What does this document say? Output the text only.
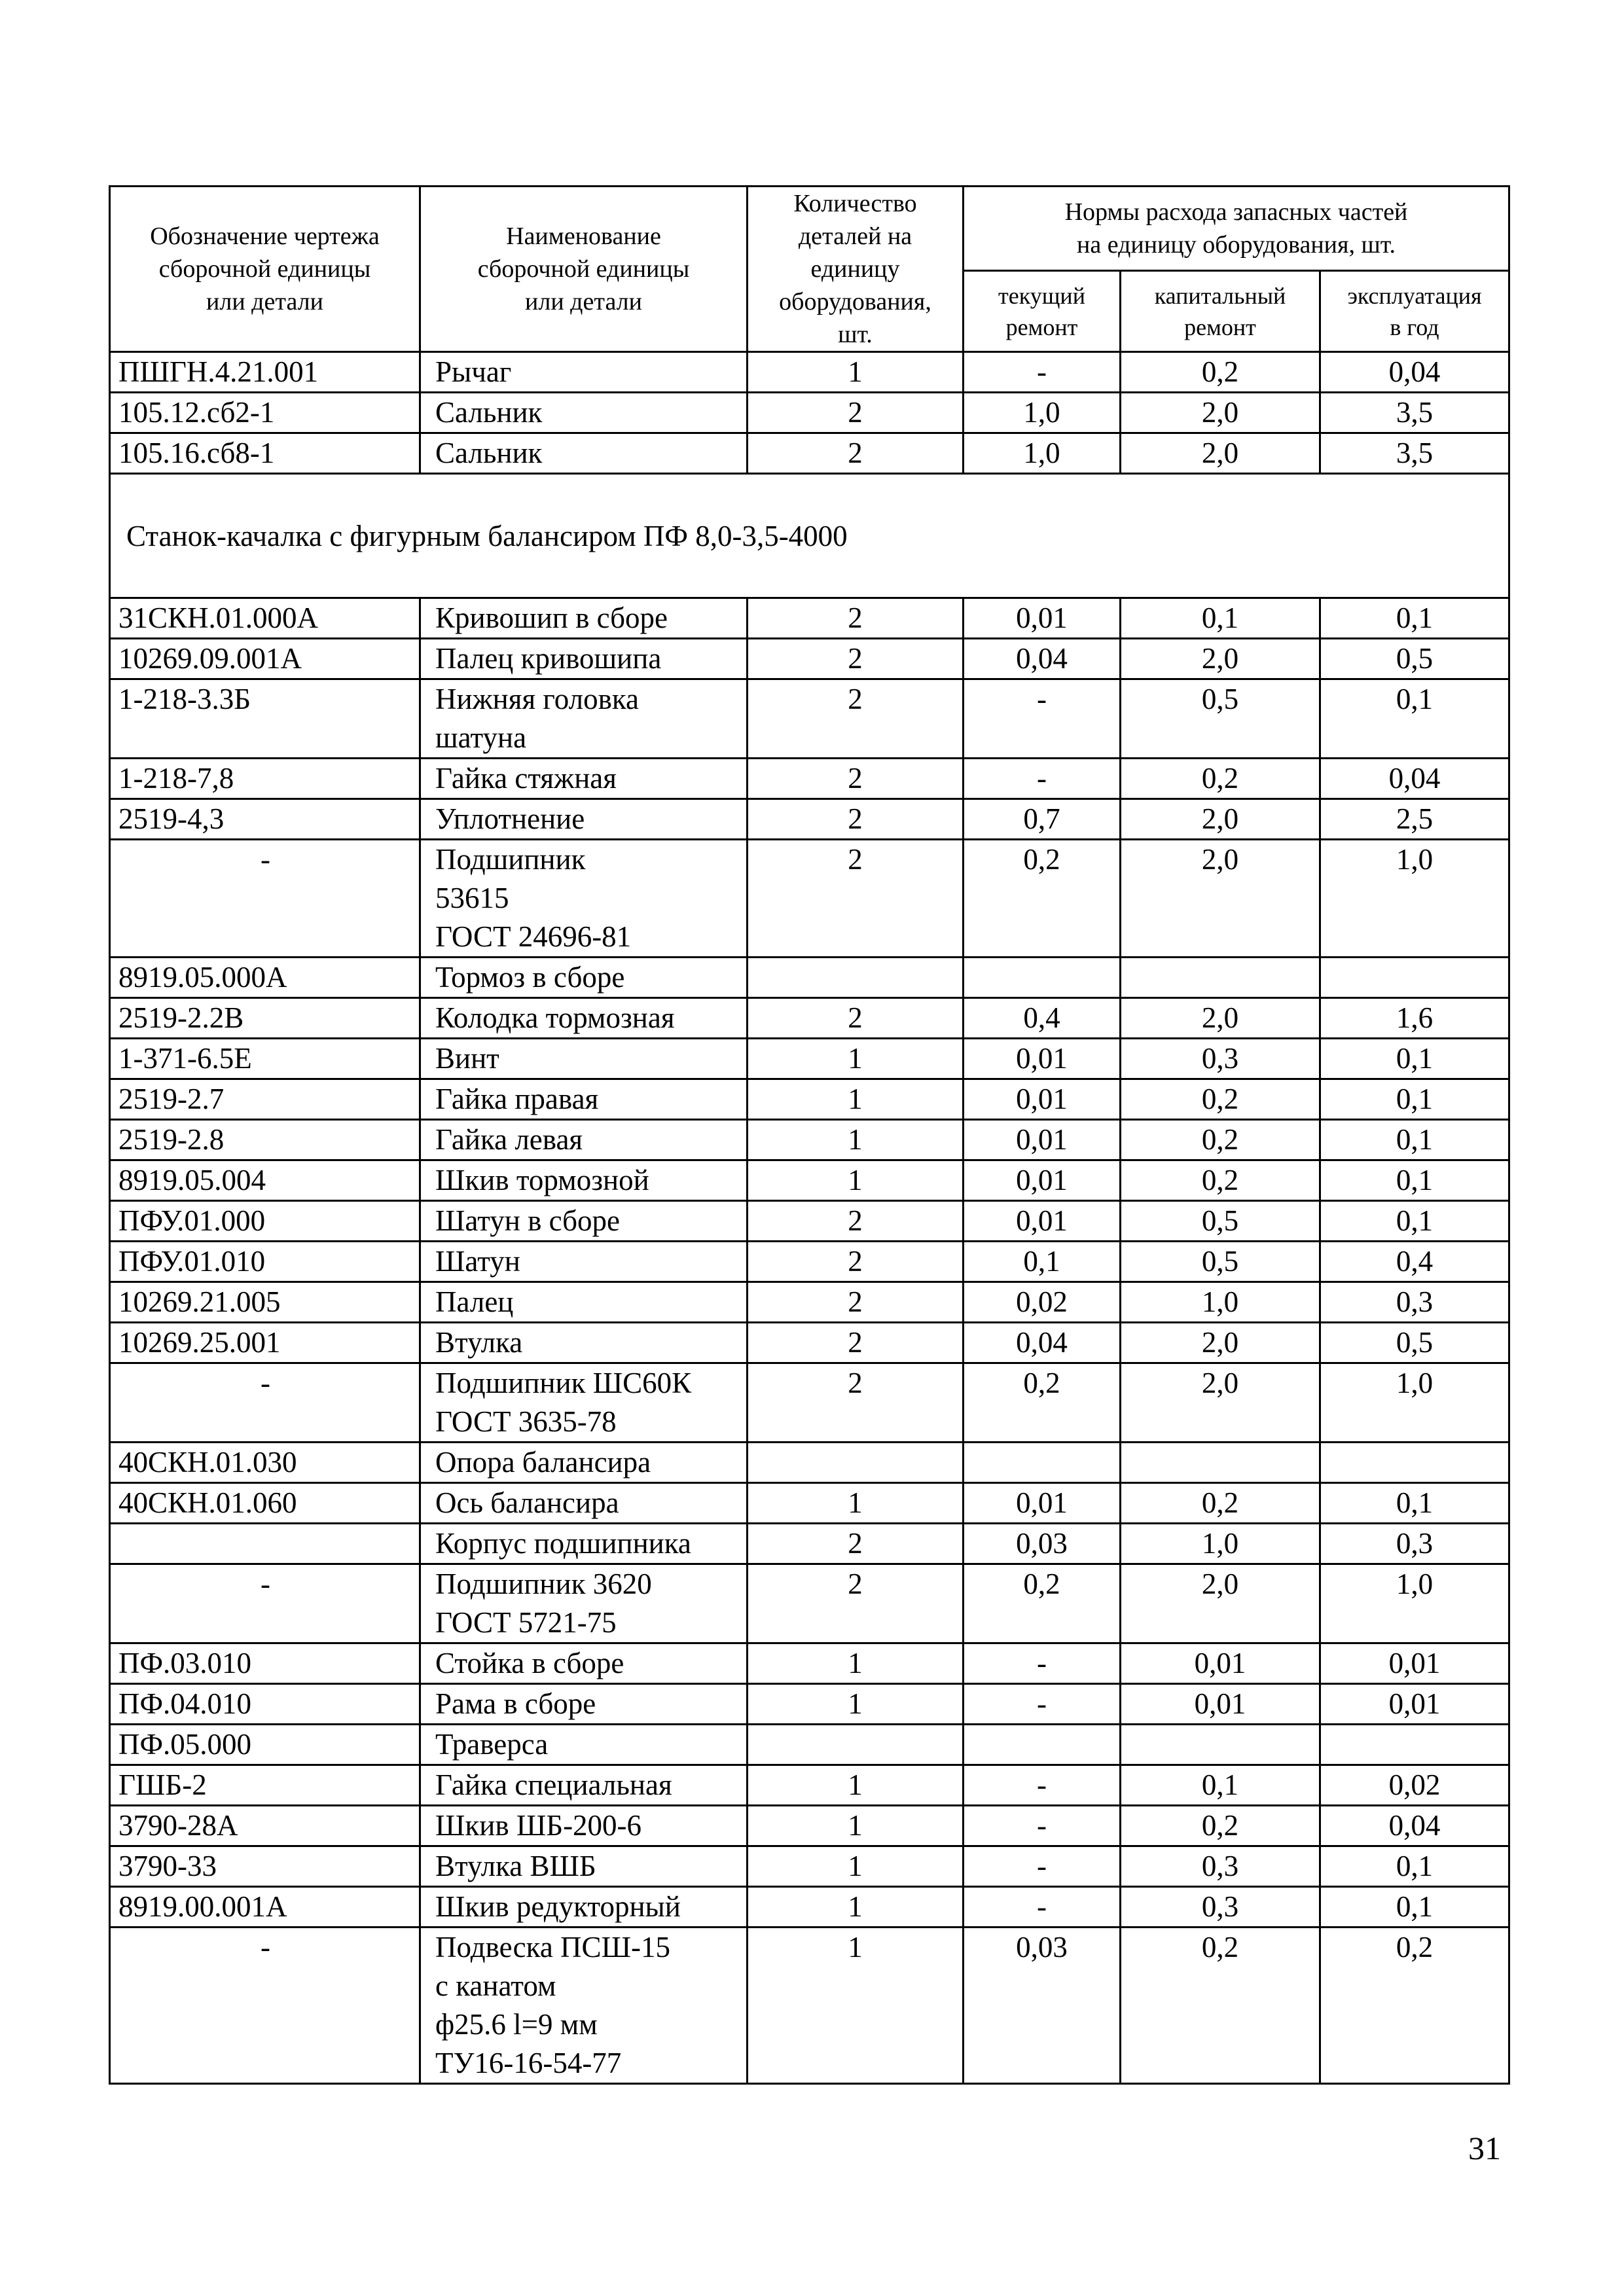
Обозначение чертежа
сборочной единицы
или детали	Наименование
сборочной единицы
или детали	Количество
деталей на
единицу
оборудования,
шт.	Нормы расхода запасных частей
на единицу оборудования, шт.		
			текущий
ремонт	капитальный
ремонт	эксплуатация
в год
ПШГН.4.21.001	Рычаг	1	-	0,2	0,04
105.12.сб2-1	Сальник	2	1,0	2,0	3,5
105.16.сб8-1	Сальник	2	1,0	2,0	3,5
Станок-качалка с фигурным балансиром ПФ 8,0-3,5-4000					
31СКН.01.000А	Кривошип в сборе	2	0,01	0,1	0,1
10269.09.001А	Палец кривошипа	2	0,04	2,0	0,5
1-218-3.3Б	Нижняя головка
шатуна	2	-	0,5	0,1
1-218-7,8	Гайка стяжная	2	-	0,2	0,04
2519-4,3	Уплотнение	2	0,7	2,0	2,5
-	Подшипник
53615
ГОСТ 24696-81	2	0,2	2,0	1,0
8919.05.000А	Тормоз в сборе				
2519-2.2В	Колодка тормозная	2	0,4	2,0	1,6
1-371-6.5Е	Винт	1	0,01	0,3	0,1
2519-2.7	Гайка правая	1	0,01	0,2	0,1
2519-2.8	Гайка левая	1	0,01	0,2	0,1
8919.05.004	Шкив тормозной	1	0,01	0,2	0,1
ПФУ.01.000	Шатун в сборе	2	0,01	0,5	0,1
ПФУ.01.010	Шатун	2	0,1	0,5	0,4
10269.21.005	Палец	2	0,02	1,0	0,3
10269.25.001	Втулка	2	0,04	2,0	0,5
-	Подшипник ШС60К
ГОСТ 3635-78	2	0,2	2,0	1,0
40СКН.01.030	Опора балансира				
40СКН.01.060	Ось балансира	1	0,01	0,2	0,1
	Корпус подшипника	2	0,03	1,0	0,3
-	Подшипник 3620
ГОСТ 5721-75	2	0,2	2,0	1,0
ПФ.03.010	Стойка в сборе	1	-	0,01	0,01
ПФ.04.010	Рама в сборе	1	-	0,01	0,01
ПФ.05.000	Траверса				
ГШБ-2	Гайка специальная	1	-	0,1	0,02
3790-28А	Шкив ШБ-200-6	1	-	0,2	0,04
3790-33	Втулка ВШБ	1	-	0,3	0,1
8919.00.001А	Шкив редукторный	1	-	0,3	0,1
-	Подвеска ПСШ-15
с канатом
ф25.6 l=9 мм
ТУ16-16-54-77	1	0,03	0,2	0,2
31
